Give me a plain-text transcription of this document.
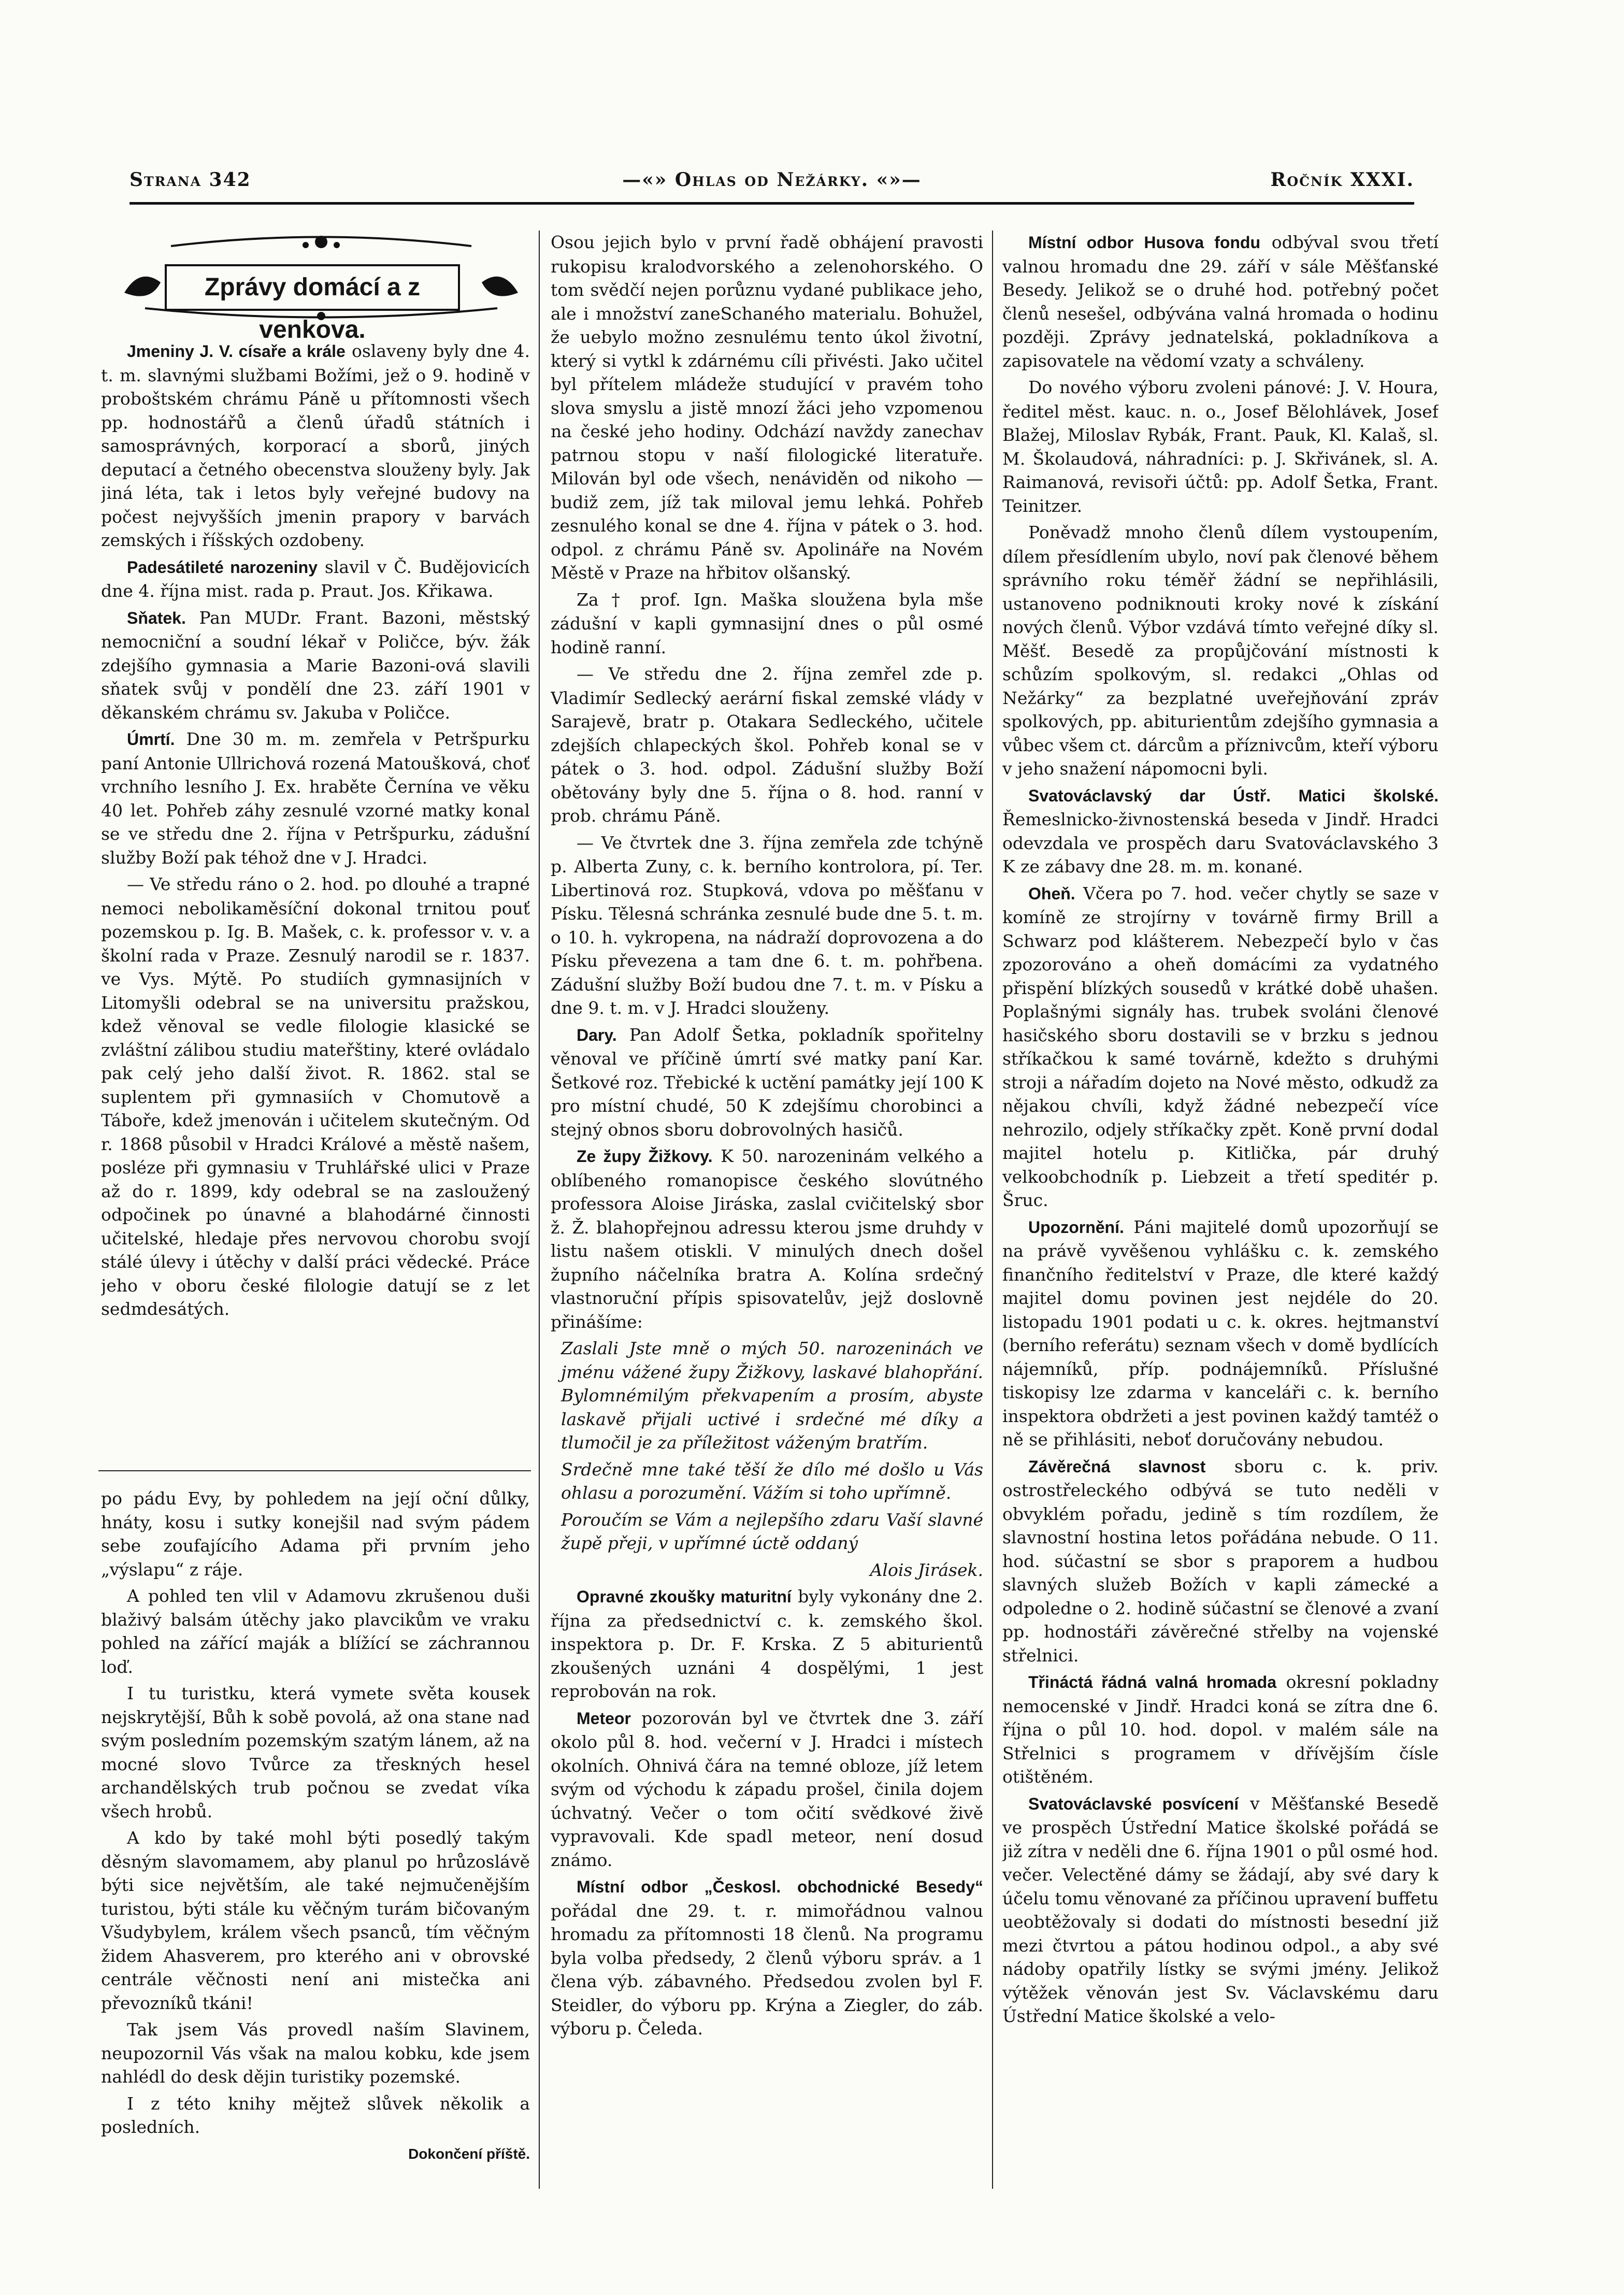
Strana 342	—«» Ohlas od Nežárky. «»—	Ročník XXXI.
Zprávy domácí a z venkova.

Jmeniny J. V. císaře a krále oslaveny byly dne 4. t. m. slavnými službami Božími, jež o 9. hodině v proboštském chrámu Páně u přítomnosti všech pp. hodnostářů a členů úřadů státních i samosprávných, korporací a sborů, jiných deputací a četného obecenstva slouženy byly. Jak jiná léta, tak i letos byly veřejné budovy na počest nejvyšších jmenin prapory v barvách zemských i říšských ozdobeny.

Padesátileté narozeniny slavil v Č. Budějovicích dne 4. října mist. rada p. Praut. Jos. Křikawa.

Sňatek. Pan MUDr. Frant. Bazoni, městský nemocniční a soudní lékař v Poličce, býv. žák zdejšího gymnasia a Marie Bazoni-ová slavili sňatek svůj v pondělí dne 23. září 1901 v děkanském chrámu sv. Jakuba v Poličce.

Úmrtí. Dne 30 m. m. zemřela v Petršpurku paní Antonie Ullrichová rozená Matoušková, choť vrchního lesního J. Ex. hraběte Černína ve věku 40 let. Pohřeb záhy zesnulé vzorné matky konal se ve středu dne 2. října v Petršpurku, zádušní služby Boží pak téhož dne v J. Hradci.

— Ve středu ráno o 2. hod. po dlouhé a trapné nemoci nebolikaměsíční dokonal trnitou pouť pozemskou p. Ig. B. Mašek, c. k. professor v. v. a školní rada v Praze. Zesnulý narodil se r. 1837. ve Vys. Mýtě. Po studiích gymnasijních v Litomyšli odebral se na universitu pražskou, kdež věnoval se vedle filologie klasické se zvláštní zálibou studiu mateřštiny, které ovládalo pak celý jeho další život. R. 1862. stal se suplentem při gymnasiích v Chomutově a Táboře, kdež jmenován i učitelem skutečným. Od r. 1868 působil v Hradci Králové a městě našem, posléze při gymnasiu v Truhlářské ulici v Praze až do r. 1899, kdy odebral se na zasloužený odpočinek po únavné a blahodárné činnosti učitelské, hledaje přes nervovou chorobu svojí stálé úlevy i útěchy v další práci vědecké. Práce jeho v oboru české filologie datují se z let sedmdesátých.

po pádu Evy, by pohledem na její oční důlky, hnáty, kosu i sutky konejšil nad svým pádem sebe zoufajícího Adama při prvním jeho „výslapu“ z ráje.

A pohled ten vlil v Adamovu zkrušenou duši blaživý balsám útěchy jako plavcikům ve vraku pohled na zářící maják a blížící se záchrannou loď.

I tu turistku, která vymete světa kousek nejskrytější, Bůh k sobě povolá, až ona stane nad svým posledním pozemským szatým lánem, až na mocné slovo Tvůrce za třeskných hesel archandělských trub počnou se zvedat víka všech hrobů.

A kdo by také mohl býti posedlý takým děsným slavomamem, aby planul po hrůzoslávě býti sice největším, ale také nejmučenějším turistou, býti stále ku věčným turám bičovaným Všudybylem, králem všech psanců, tím věčným židem Ahasverem, pro kterého ani v obrovské centrále věčnosti není ani mistečka ani převozníků tkáni!

Tak jsem Vás provedl naším Slavinem, neupozornil Vás však na malou kobku, kde jsem nahlédl do desk dějin turistiky pozemské.

I z této knihy mějtež slůvek několik a posledních.

Dokončení příště.

Osou jejich bylo v první řadě obhájení pravosti rukopisu kralodvorského a zelenohorského. O tom svědčí nejen porůznu vydané publikace jeho, ale i množství zaneSchaného materialu. Bohužel, že uebylo možno zesnulému tento úkol životní, který si vytkl k zdárnému cíli přivésti. Jako učitel byl přítelem mládeže studující v pravém toho slova smyslu a jistě mnozí žáci jeho vzpomenou na české jeho hodiny. Odchází navždy zanechav patrnou stopu v naší filologické literatuře. Milován byl ode všech, nenáviděn od nikoho — budiž zem, jíž tak miloval jemu lehká. Pohřeb zesnulého konal se dne 4. října v pátek o 3. hod. odpol. z chrámu Páně sv. Apolináře na Novém Městě v Praze na hřbitov olšanský.

Za † prof. Ign. Maška sloužena byla mše zádušní v kapli gymnasijní dnes o půl osmé hodině ranní.

— Ve středu dne 2. října zemřel zde p. Vladimír Sedlecký aerární fiskal zemské vlády v Sarajevě, bratr p. Otakara Sedleckého, učitele zdejších chlapeckých škol. Pohřeb konal se v pátek o 3. hod. odpol. Zádušní služby Boží obětovány byly dne 5. října o 8. hod. ranní v prob. chrámu Páně.

— Ve čtvrtek dne 3. října zemřela zde tchýně p. Alberta Zuny, c. k. berního kontrolora, pí. Ter. Libertinová roz. Stupková, vdova po měšťanu v Písku. Tělesná schránka zesnulé bude dne 5. t. m. o 10. h. vykropena, na nádraží doprovozena a do Písku převezena a tam dne 6. t. m. pohřbena. Zádušní služby Boží budou dne 7. t. m. v Písku a dne 9. t. m. v J. Hradci slouženy.

Dary. Pan Adolf Šetka, pokladník spořitelny věnoval ve příčině úmrtí své matky paní Kar. Šetkové roz. Třebické k uctění památky její 100 K pro místní chudé, 50 K zdejšímu chorobinci a stejný obnos sboru dobrovolných hasičů.

Ze župy Žižkovy. K 50. narozeninám velkého a oblíbeného romanopisce českého slovútného professora Aloise Jiráska, zaslal cvičitelský sbor ž. Ž. blahopřejnou adressu kterou jsme druhdy v listu našem otiskli. V minulých dnech došel župního náčelníka bratra A. Kolína srdečný vlastnoruční přípis spisovatelův, jejž doslovně přinášíme:

Zaslali Jste mně o mých 50. narozeninách ve jménu vážené župy Žižkovy, laskavé blahopřání. Bylomnémilým překvapením a prosím, abyste laskavě přijali uctivé i srdečné mé díky a tlumočil je za příležitost váženým bratřím.

Srdečně mne také těší že dílo mé došlo u Vás ohlasu a porozumění. Vážím si toho upřímně.

Poroučím se Vám a nejlepšího zdaru Vaší slavné župě přeji, v upřímné úctě oddaný

Alois Jirásek.

Opravné zkoušky maturitní byly vykonány dne 2. října za předsednictví c. k. zemského škol. inspektora p. Dr. F. Krska. Z 5 abiturientů zkoušených uznáni 4 dospělými, 1 jest reprobován na rok.

Meteor pozorován byl ve čtvrtek dne 3. září okolo půl 8. hod. večerní v J. Hradci i místech okolních. Ohnivá čára na temné obloze, jíž letem svým od východu k západu prošel, činila dojem úchvatný. Večer o tom očití svědkové živě vypravovali. Kde spadl meteor, není dosud známo.

Místní odbor „Českosl. obchodnické Besedy“ pořádal dne 29. t. r. mimořádnou valnou hromadu za přítomnosti 18 členů. Na programu byla volba předsedy, 2 členů výboru správ. a 1 člena výb. zábavného. Předsedou zvolen byl F. Steidler, do výboru pp. Krýna a Ziegler, do záb. výboru p. Čeleda.

Místní odbor Husova fondu odbýval svou třetí valnou hromadu dne 29. září v sále Měšťanské Besedy. Jelikož se o druhé hod. potřebný počet členů nesešel, odbývána valná hromada o hodinu později. Zprávy jednatelská, pokladníkova a zapisovatele na vědomí vzaty a schváleny.

Do nového výboru zvoleni pánové: J. V. Houra, ředitel měst. kauc. n. o., Josef Bělohlávek, Josef Blažej, Miloslav Rybák, Frant. Pauk, Kl. Kalaš, sl. M. Školaudová, náhradníci: p. J. Skřivánek, sl. A. Raimanová, revisoři účtů: pp. Adolf Šetka, Frant. Teinitzer.

Poněvadž mnoho členů dílem vystoupením, dílem přesídlením ubylo, noví pak členové během správního roku téměř žádní se nepřihlásili, ustanoveno podniknouti kroky nové k získání nových členů. Výbor vzdává tímto veřejné díky sl. Měšť. Besedě za propůjčování místnosti k schůzím spolkovým, sl. redakci „Ohlas od Nežárky“ za bezplatné uveřejňování zpráv spolkových, pp. abiturientům zdejšího gymnasia a vůbec všem ct. dárcům a příznivcům, kteří výboru v jeho snažení nápomocni byli.

Svatováclavský dar Ústř. Matici školské. Řemeslnicko-živnostenská beseda v Jindř. Hradci odevzdala ve prospěch daru Svatováclavského 3 K ze zábavy dne 28. m. m. konané.

Oheň. Včera po 7. hod. večer chytly se saze v komíně ze strojírny v továrně firmy Brill a Schwarz pod klášterem. Nebezpečí bylo v čas zpozorováno a oheň domácími za vydatného přispění blízkých sousedů v krátké době uhašen. Poplašnými signály has. trubek svoláni členové hasičského sboru dostavili se v brzku s jednou stříkačkou k samé továrně, kdežto s druhými stroji a nářadím dojeto na Nové město, odkudž za nějakou chvíli, když žádné nebezpečí více nehrozilo, odjely stříkačky zpět. Koně první dodal majitel hotelu p. Kitlička, pár druhý velkoobchodník p. Liebzeit a třetí speditér p. Šruc.

Upozornění. Páni majitelé domů upozorňují se na právě vyvěšenou vyhlášku c. k. zemského finančního ředitelství v Praze, dle které každý majitel domu povinen jest nejdéle do 20. listopadu 1901 podati u c. k. okres. hejtmanství (berního referátu) seznam všech v domě bydlících nájemníků, příp. podnájemníků. Příslušné tiskopisy lze zdarma v kanceláři c. k. berního inspektora obdržeti a jest povinen každý tamtéž o ně se přihlásiti, neboť doručovány nebudou.

Závěrečná slavnost sboru c. k. priv. ostrostřeleckého odbývá se tuto neděli v obvyklém pořadu, jedině s tím rozdílem, že slavnostní hostina letos pořádána nebude. O 11. hod. súčastní se sbor s praporem a hudbou slavných služeb Božích v kapli zámecké a odpoledne o 2. hodině súčastní se členové a zvaní pp. hodnostáři závěrečné střelby na vojenské střelnici.

Třináctá řádná valná hromada okresní pokladny nemocenské v Jindř. Hradci koná se zítra dne 6. října o půl 10. hod. dopol. v malém sále na Střelnici s programem v dřívějším čísle otištěném.

Svatováclavské posvícení v Měšťanské Besedě ve prospěch Ústřední Matice školské pořádá se již zítra v neděli dne 6. října 1901 o půl osmé hod. večer. Velectěné dámy se žádají, aby své dary k účelu tomu věnované za příčinou upravení buffetu ueobtěžovaly si dodati do místnosti besední již mezi čtvrtou a pátou hodinou odpol., a aby své nádoby opatřily lístky se svými jmény. Jelikož výtěžek věnován jest Sv. Václavskému daru Ústřední Matice školské a velo-
